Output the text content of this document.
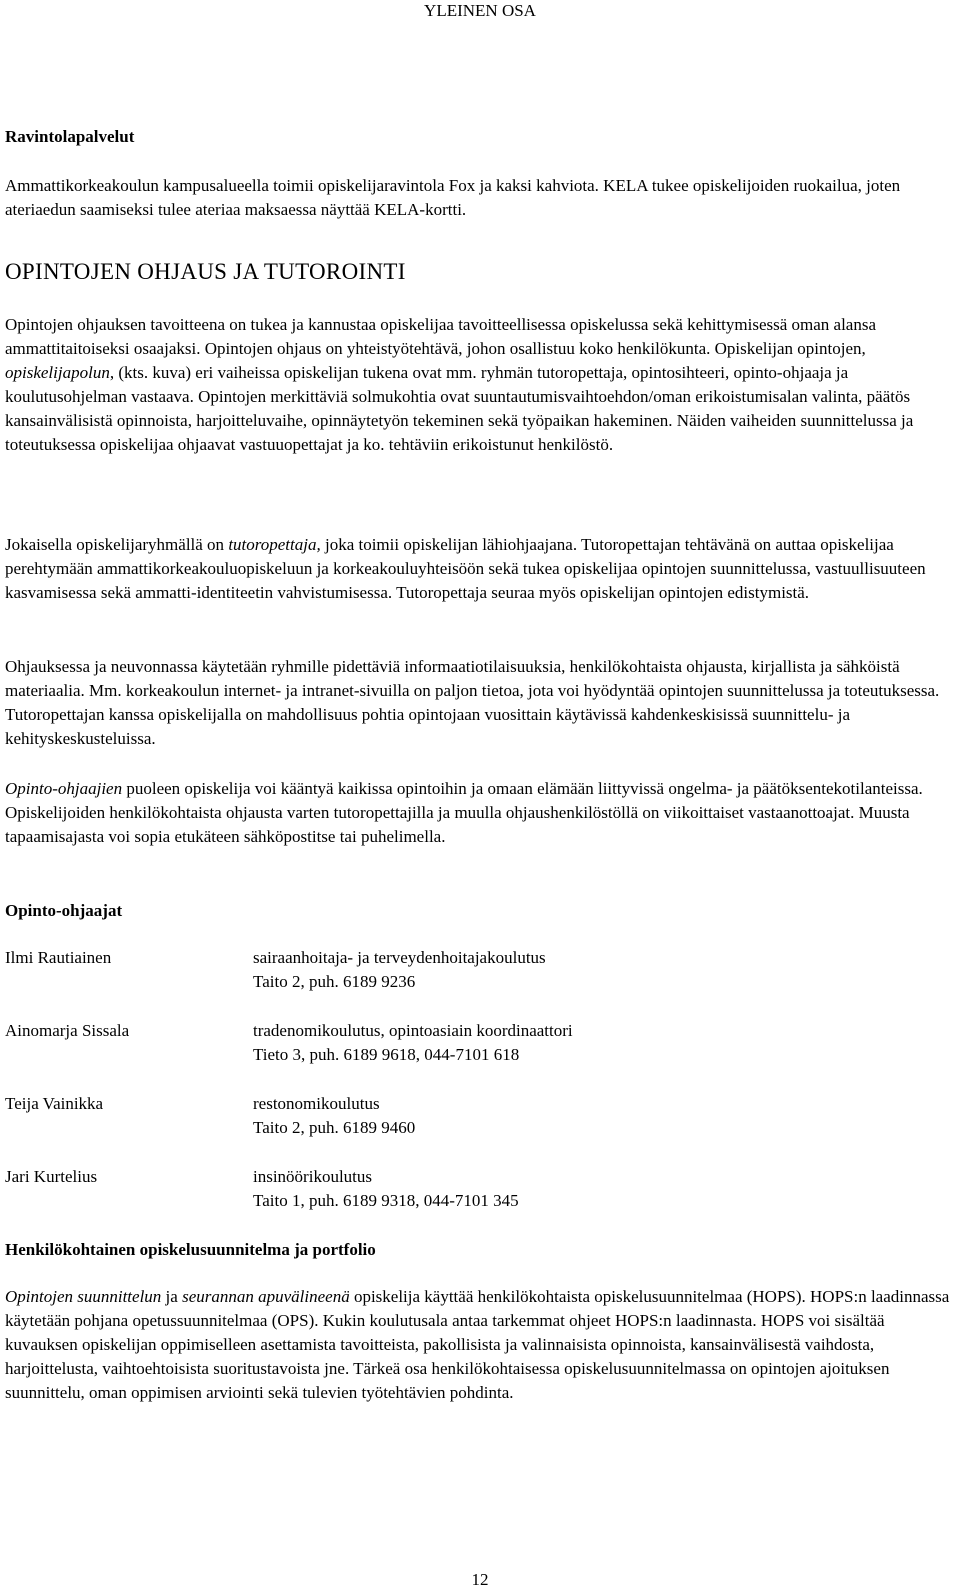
YLEINEN OSA
Ravintolapalvelut

Ammattikorkeakoulun kampusalueella toimii opiskelijaravintola Fox ja kaksi kahviota. KELA tukee opiskelijoiden ruokailua, joten ateriaedun saamiseksi tulee ateriaa maksaessa näyttää KELA-kortti.

OPINTOJEN OHJAUS JA TUTOROINTI

Opintojen ohjauksen tavoitteena on tukea ja kannustaa opiskelijaa tavoitteellisessa opiskelussa sekä kehittymisessä oman alansa ammattitaitoiseksi osaajaksi. Opintojen ohjaus on yhteistyötehtävä, johon osallistuu koko henkilökunta. Opiskelijan opintojen, opiskelijapolun, (kts. kuva) eri vaiheissa opiskelijan tukena ovat mm. ryhmän tutoropettaja, opintosihteeri, opinto-ohjaaja ja koulutusohjelman vastaava. Opintojen merkittäviä solmukohtia ovat suuntautumisvaihtoehdon/oman erikoistumisalan valinta, päätös kansainvälisistä opinnoista, harjoitteluvaihe, opinnäytetyön tekeminen sekä työpaikan hakeminen. Näiden vaiheiden suunnittelussa ja toteutuksessa opiskelijaa ohjaavat vastuuopettajat ja ko. tehtäviin erikoistunut henkilöstö.

Jokaisella opiskelijaryhmällä on tutoropettaja, joka toimii opiskelijan lähiohjaajana. Tutoropettajan tehtävänä on auttaa opiskelijaa perehtymään ammattikorkeakouluopiskeluun ja korkeakouluyhteisöön sekä tukea opiskelijaa opintojen suunnittelussa, vastuullisuuteen kasvamisessa sekä ammatti-identiteetin vahvistumisessa. Tutoropettaja seuraa myös opiskelijan opintojen edistymistä.

Ohjauksessa ja neuvonnassa käytetään ryhmille pidettäviä informaatiotilaisuuksia, henkilökohtaista ohjausta, kirjallista ja sähköistä materiaalia. Mm. korkeakoulun internet- ja intranet-sivuilla on paljon tietoa, jota voi hyödyntää opintojen suunnittelussa ja toteutuksessa. Tutoropettajan kanssa opiskelijalla on mahdollisuus pohtia opintojaan vuosittain käytävissä kahdenkeskisissä suunnittelu- ja kehityskeskusteluissa.

Opinto-ohjaajien puoleen opiskelija voi kääntyä kaikissa opintoihin ja omaan elämään liittyvissä ongelma- ja päätöksentekotilanteissa. Opiskelijoiden henkilökohtaista ohjausta varten tutoropettajilla ja muulla ohjaushenkilöstöllä on viikoittaiset vastaanottoajat. Muusta tapaamisajasta voi sopia etukäteen sähköpostitse tai puhelimella.

Opinto-ohjaajat
Ilmi Rautiainen	sairaanhoitaja- ja terveydenhoitajakoulutus
Taito 2, puh. 6189 9236
Ainomarja Sissala	tradenomikoulutus, opintoasiain koordinaattori
Tieto 3, puh. 6189 9618, 044-7101 618
Teija Vainikka	restonomikoulutus
Taito 2, puh. 6189 9460
Jari Kurtelius	insinöörikoulutus
Taito 1, puh. 6189 9318, 044-7101 345
Henkilökohtainen opiskelusuunnitelma ja portfolio

Opintojen suunnittelun ja seurannan apuvälineenä opiskelija käyttää henkilökohtaista opiskelusuunnitelmaa (HOPS). HOPS:n laadinnassa käytetään pohjana opetussuunnitelmaa (OPS). Kukin koulutusala antaa tarkemmat ohjeet HOPS:n laadinnasta. HOPS voi sisältää kuvauksen opiskelijan oppimiselleen asettamista tavoitteista, pakollisista ja valinnaisista opinnoista, kansainvälisestä vaihdosta, harjoittelusta, vaihtoehtoisista suoritustavoista jne. Tärkeä osa henkilökohtaisessa opiskelusuunnitelmassa on opintojen ajoituksen suunnittelu, oman oppimisen arviointi sekä tulevien työtehtävien pohdinta.

12
